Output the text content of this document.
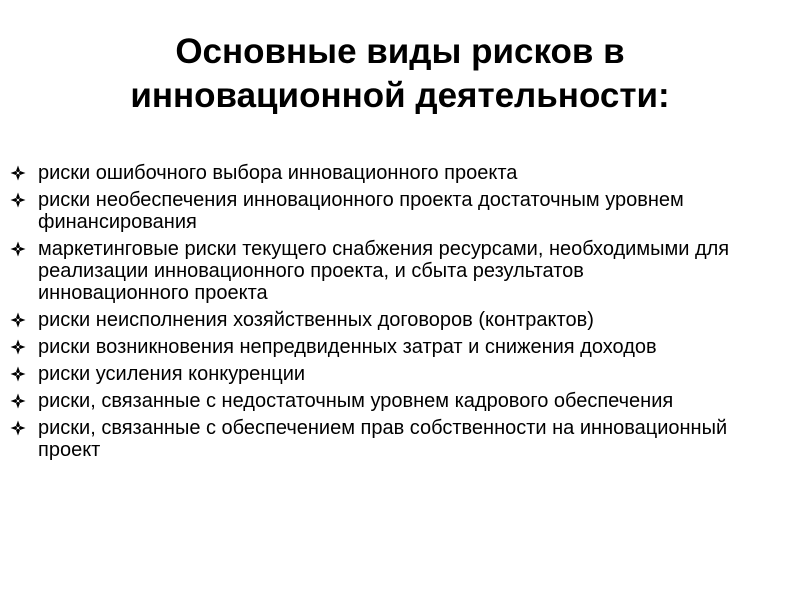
Основные виды рисков в
инновационной деятельности:
риски ошибочного выбора инновационного проекта
риски необеспечения инновационного проекта достаточным уровнем финансирования
маркетинговые риски текущего снабжения ресурсами, необходимыми для реализации инновационного проекта, и сбыта результатов инновационного проекта
риски неисполнения хозяйственных договоров (контрактов)
риски возникновения непредвиденных затрат и снижения доходов
риски усиления конкуренции
риски, связанные с недостаточным уровнем кадрового обеспечения
риски, связанные с обеспечением прав собственности на инновационный проект
